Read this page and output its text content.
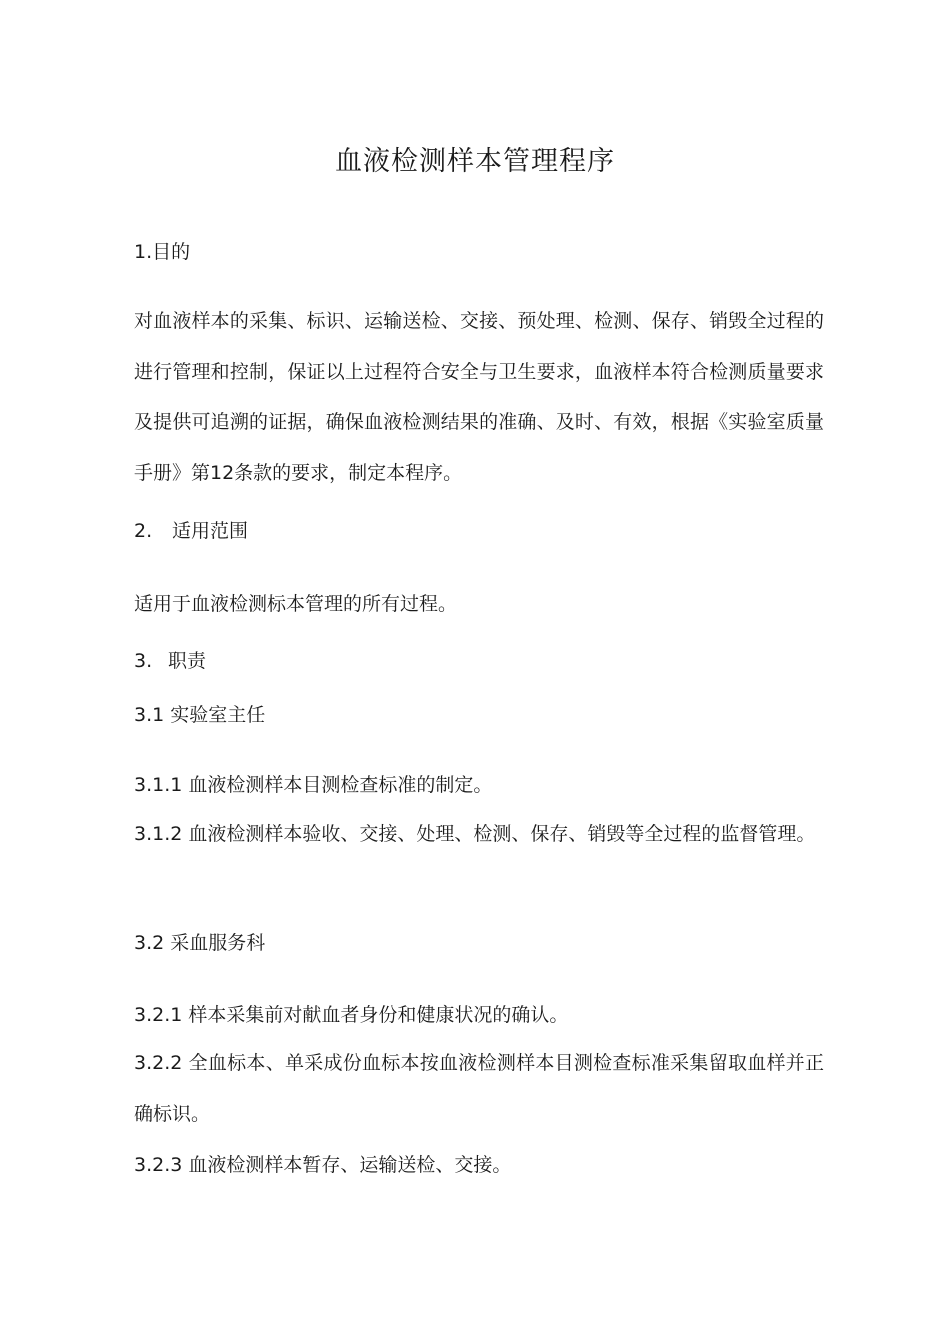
血液检测样本管理程序
1.目的
对血液样本的采集、标识、运输送检、交接、预处理、检测、保存、销毁全过程的进行管理和控制，保证以上过程符合安全与卫生要求，血液样本符合检测质量要求及提供可追溯的证据，确保血液检测结果的准确、及时、有效，根据《实验室质量手册》第12条款的要求，制定本程序。
2. 适用范围
适用于血液检测标本管理的所有过程。
3. 职责
3.1 实验室主任
3.1.1 血液检测样本目测检查标准的制定。
3.1.2 血液检测样本验收、交接、处理、检测、保存、销毁等全过程的监督管理。
3.2 采血服务科
3.2.1 样本采集前对献血者身份和健康状况的确认。
3.2.2 全血标本、单采成份血标本按血液检测样本目测检查标准采集留取血样并正确标识。
3.2.3 血液检测样本暂存、运输送检、交接。
